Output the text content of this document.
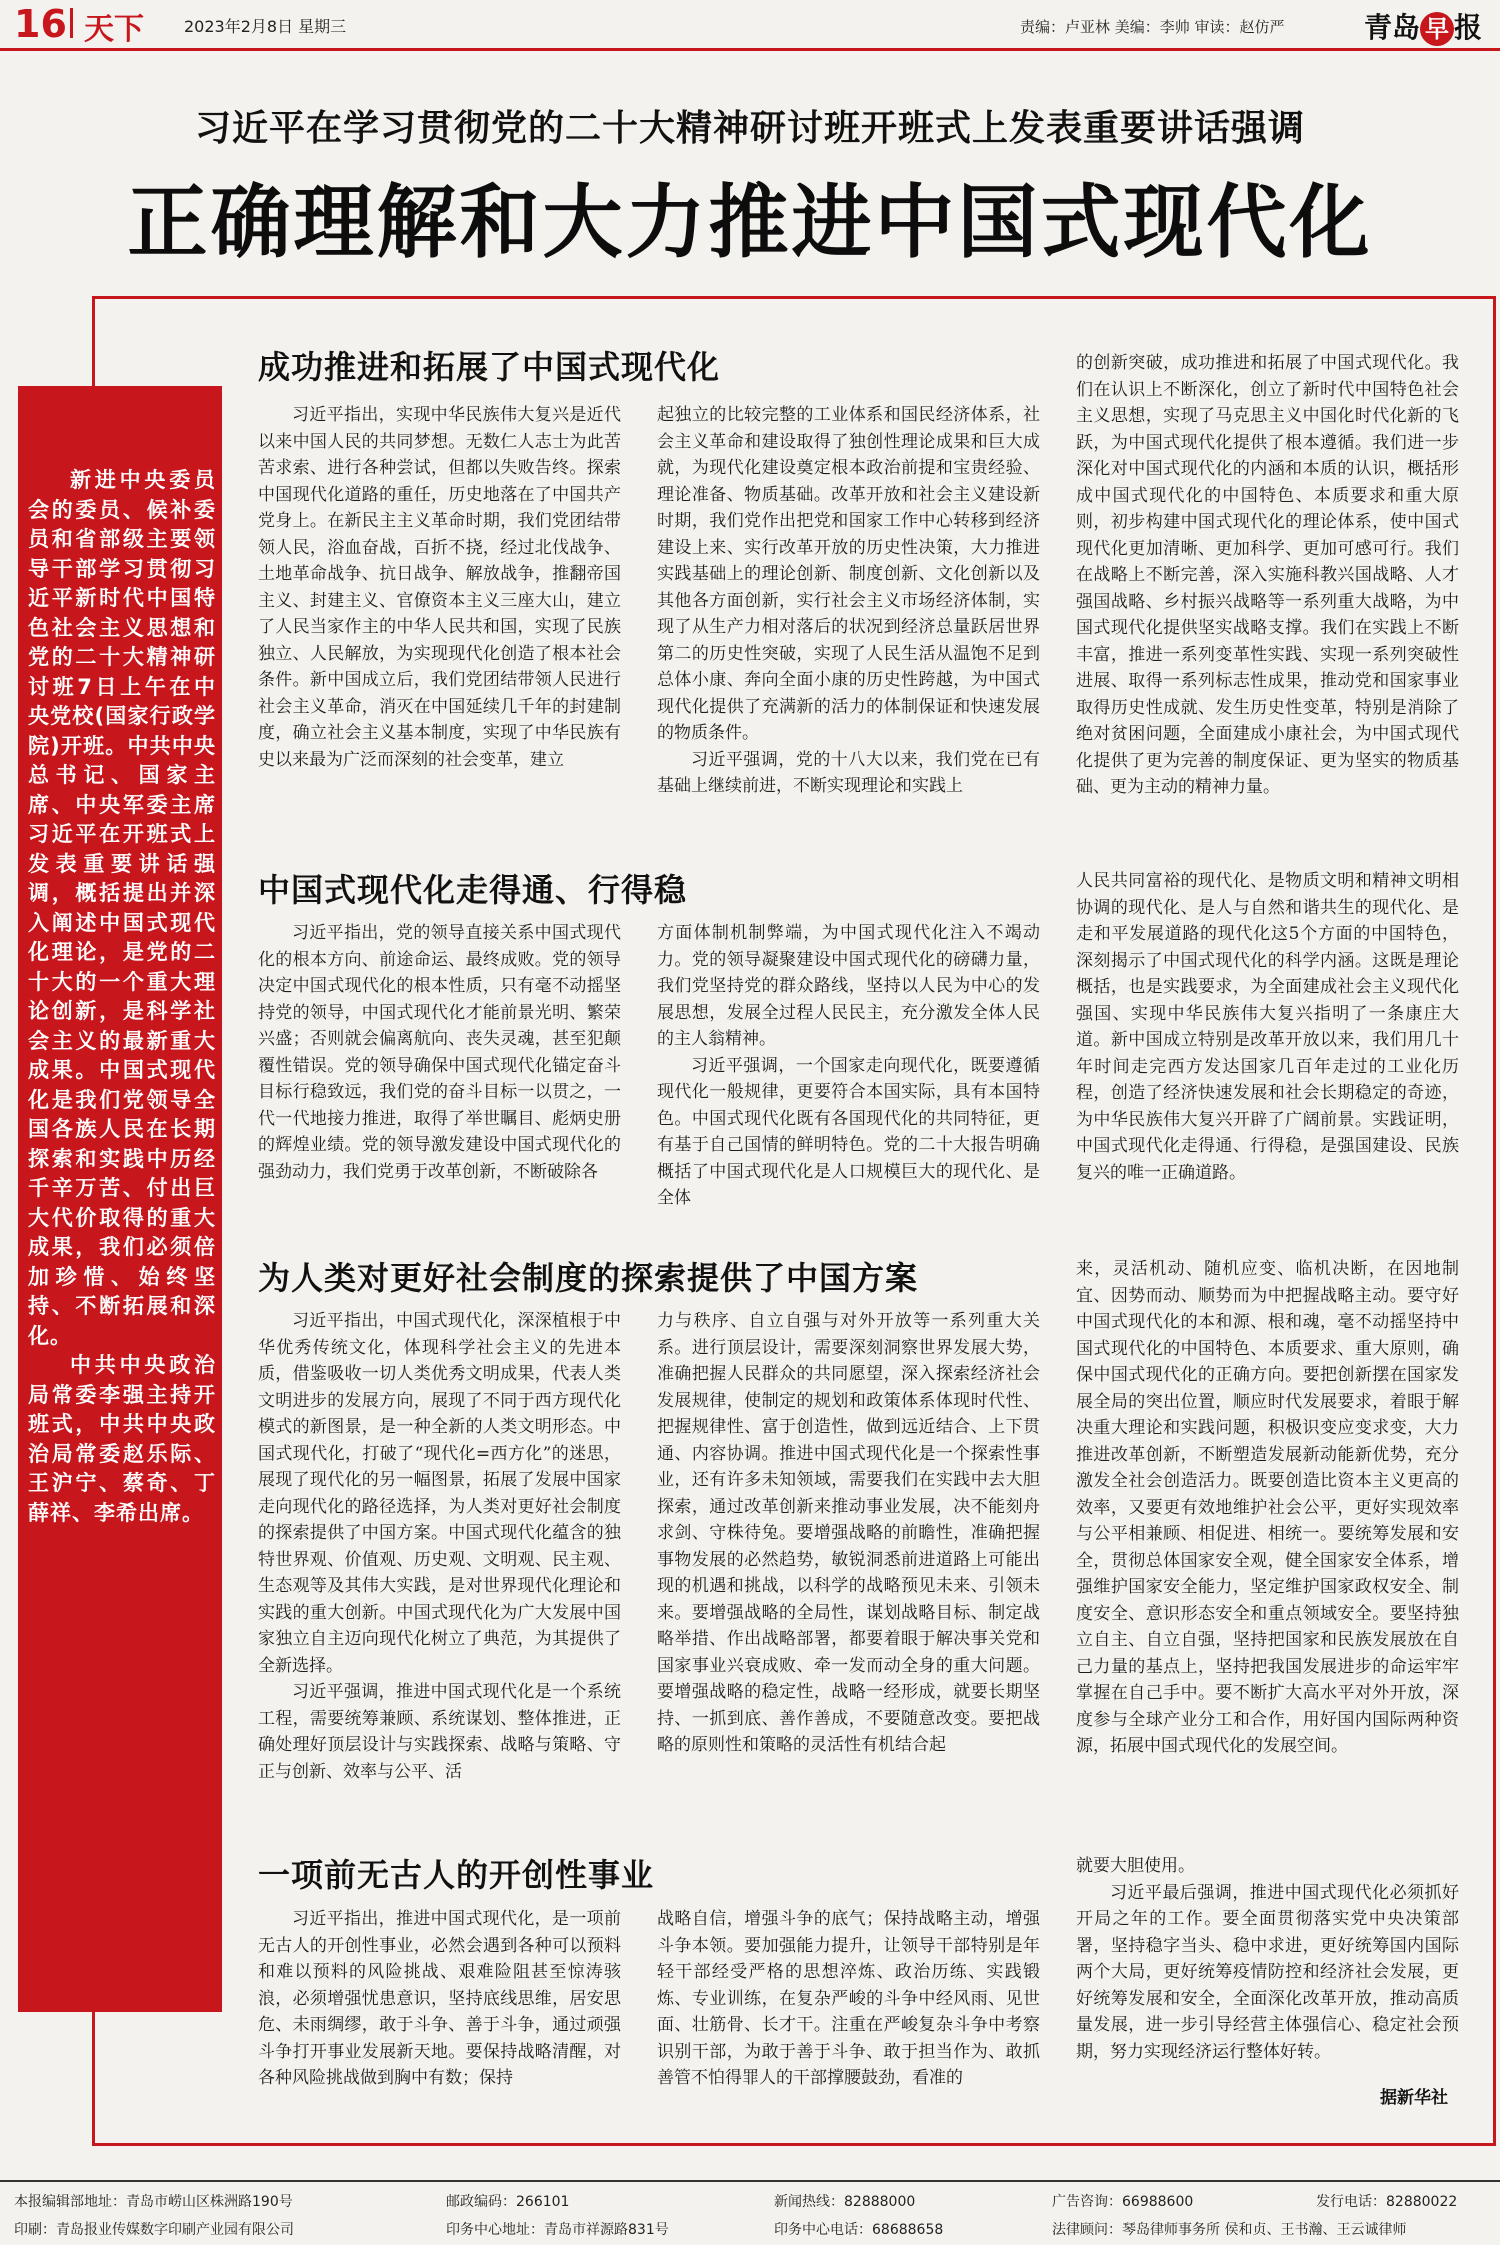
16 天下	2023年2月8日 星期三	责编：卢亚林 美编：李帅 审读：赵仿严	青岛 早 报
习近平在学习贯彻党的二十大精神研讨班开班式上发表重要讲话强调
正确理解和大力推进中国式现代化

新进中央委员会的委员、候补委员和省部级主要领导干部学习贯彻习近平新时代中国特色社会主义思想和党的二十大精神研讨班7日上午在中央党校(国家行政学院)开班。中共中央总书记、国家主席、中央军委主席习近平在开班式上发表重要讲话强调，概括提出并深入阐述中国式现代化理论，是党的二十大的一个重大理论创新，是科学社会主义的最新重大成果。中国式现代化是我们党领导全国各族人民在长期探索和实践中历经千辛万苦、付出巨大代价取得的重大成果，我们必须倍加珍惜、始终坚持、不断拓展和深化。

中共中央政治局常委李强主持开班式，中共中央政治局常委赵乐际、王沪宁、蔡奇、丁薛祥、李希出席。

成功推进和拓展了中国式现代化

习近平指出，实现中华民族伟大复兴是近代以来中国人民的共同梦想。无数仁人志士为此苦苦求索、进行各种尝试，但都以失败告终。探索中国现代化道路的重任，历史地落在了中国共产党身上。在新民主主义革命时期，我们党团结带领人民，浴血奋战，百折不挠，经过北伐战争、土地革命战争、抗日战争、解放战争，推翻帝国主义、封建主义、官僚资本主义三座大山，建立了人民当家作主的中华人民共和国，实现了民族独立、人民解放，为实现现代化创造了根本社会条件。新中国成立后，我们党团结带领人民进行社会主义革命，消灭在中国延续几千年的封建制度，确立社会主义基本制度，实现了中华民族有史以来最为广泛而深刻的社会变革，建立

起独立的比较完整的工业体系和国民经济体系，社会主义革命和建设取得了独创性理论成果和巨大成就，为现代化建设奠定根本政治前提和宝贵经验、理论准备、物质基础。改革开放和社会主义建设新时期，我们党作出把党和国家工作中心转移到经济建设上来、实行改革开放的历史性决策，大力推进实践基础上的理论创新、制度创新、文化创新以及其他各方面创新，实行社会主义市场经济体制，实现了从生产力相对落后的状况到经济总量跃居世界第二的历史性突破，实现了人民生活从温饱不足到总体小康、奔向全面小康的历史性跨越，为中国式现代化提供了充满新的活力的体制保证和快速发展的物质条件。

习近平强调，党的十八大以来，我们党在已有基础上继续前进，不断实现理论和实践上

的创新突破，成功推进和拓展了中国式现代化。我们在认识上不断深化，创立了新时代中国特色社会主义思想，实现了马克思主义中国化时代化新的飞跃，为中国式现代化提供了根本遵循。我们进一步深化对中国式现代化的内涵和本质的认识，概括形成中国式现代化的中国特色、本质要求和重大原则，初步构建中国式现代化的理论体系，使中国式现代化更加清晰、更加科学、更加可感可行。我们在战略上不断完善，深入实施科教兴国战略、人才强国战略、乡村振兴战略等一系列重大战略，为中国式现代化提供坚实战略支撑。我们在实践上不断丰富，推进一系列变革性实践、实现一系列突破性进展、取得一系列标志性成果，推动党和国家事业取得历史性成就、发生历史性变革，特别是消除了绝对贫困问题，全面建成小康社会，为中国式现代化提供了更为完善的制度保证、更为坚实的物质基础、更为主动的精神力量。

中国式现代化走得通、行得稳

习近平指出，党的领导直接关系中国式现代化的根本方向、前途命运、最终成败。党的领导决定中国式现代化的根本性质，只有毫不动摇坚持党的领导，中国式现代化才能前景光明、繁荣兴盛；否则就会偏离航向、丧失灵魂，甚至犯颠覆性错误。党的领导确保中国式现代化锚定奋斗目标行稳致远，我们党的奋斗目标一以贯之，一代一代地接力推进，取得了举世瞩目、彪炳史册的辉煌业绩。党的领导激发建设中国式现代化的强劲动力，我们党勇于改革创新，不断破除各

方面体制机制弊端，为中国式现代化注入不竭动力。党的领导凝聚建设中国式现代化的磅礴力量，我们党坚持党的群众路线，坚持以人民为中心的发展思想，发展全过程人民民主，充分激发全体人民的主人翁精神。

习近平强调，一个国家走向现代化，既要遵循现代化一般规律，更要符合本国实际，具有本国特色。中国式现代化既有各国现代化的共同特征，更有基于自己国情的鲜明特色。党的二十大报告明确概括了中国式现代化是人口规模巨大的现代化、是全体

人民共同富裕的现代化、是物质文明和精神文明相协调的现代化、是人与自然和谐共生的现代化、是走和平发展道路的现代化这5个方面的中国特色，深刻揭示了中国式现代化的科学内涵。这既是理论概括，也是实践要求，为全面建成社会主义现代化强国、实现中华民族伟大复兴指明了一条康庄大道。新中国成立特别是改革开放以来，我们用几十年时间走完西方发达国家几百年走过的工业化历程，创造了经济快速发展和社会长期稳定的奇迹，为中华民族伟大复兴开辟了广阔前景。实践证明，中国式现代化走得通、行得稳，是强国建设、民族复兴的唯一正确道路。

为人类对更好社会制度的探索提供了中国方案

习近平指出，中国式现代化，深深植根于中华优秀传统文化，体现科学社会主义的先进本质，借鉴吸收一切人类优秀文明成果，代表人类文明进步的发展方向，展现了不同于西方现代化模式的新图景，是一种全新的人类文明形态。中国式现代化，打破了“现代化=西方化”的迷思，展现了现代化的另一幅图景，拓展了发展中国家走向现代化的路径选择，为人类对更好社会制度的探索提供了中国方案。中国式现代化蕴含的独特世界观、价值观、历史观、文明观、民主观、生态观等及其伟大实践，是对世界现代化理论和实践的重大创新。中国式现代化为广大发展中国家独立自主迈向现代化树立了典范，为其提供了全新选择。

习近平强调，推进中国式现代化是一个系统工程，需要统筹兼顾、系统谋划、整体推进，正确处理好顶层设计与实践探索、战略与策略、守正与创新、效率与公平、活

力与秩序、自立自强与对外开放等一系列重大关系。进行顶层设计，需要深刻洞察世界发展大势，准确把握人民群众的共同愿望，深入探索经济社会发展规律，使制定的规划和政策体系体现时代性、把握规律性、富于创造性，做到远近结合、上下贯通、内容协调。推进中国式现代化是一个探索性事业，还有许多未知领域，需要我们在实践中去大胆探索，通过改革创新来推动事业发展，决不能刻舟求剑、守株待兔。要增强战略的前瞻性，准确把握事物发展的必然趋势，敏锐洞悉前进道路上可能出现的机遇和挑战，以科学的战略预见未来、引领未来。要增强战略的全局性，谋划战略目标、制定战略举措、作出战略部署，都要着眼于解决事关党和国家事业兴衰成败、牵一发而动全身的重大问题。要增强战略的稳定性，战略一经形成，就要长期坚持、一抓到底、善作善成，不要随意改变。要把战略的原则性和策略的灵活性有机结合起

来，灵活机动、随机应变、临机决断，在因地制宜、因势而动、顺势而为中把握战略主动。要守好中国式现代化的本和源、根和魂，毫不动摇坚持中国式现代化的中国特色、本质要求、重大原则，确保中国式现代化的正确方向。要把创新摆在国家发展全局的突出位置，顺应时代发展要求，着眼于解决重大理论和实践问题，积极识变应变求变，大力推进改革创新，不断塑造发展新动能新优势，充分激发全社会创造活力。既要创造比资本主义更高的效率，又要更有效地维护社会公平，更好实现效率与公平相兼顾、相促进、相统一。要统筹发展和安全，贯彻总体国家安全观，健全国家安全体系，增强维护国家安全能力，坚定维护国家政权安全、制度安全、意识形态安全和重点领域安全。要坚持独立自主、自立自强，坚持把国家和民族发展放在自己力量的基点上，坚持把我国发展进步的命运牢牢掌握在自己手中。要不断扩大高水平对外开放，深度参与全球产业分工和合作，用好国内国际两种资源，拓展中国式现代化的发展空间。

一项前无古人的开创性事业

习近平指出，推进中国式现代化，是一项前无古人的开创性事业，必然会遇到各种可以预料和难以预料的风险挑战、艰难险阻甚至惊涛骇浪，必须增强忧患意识，坚持底线思维，居安思危、未雨绸缪，敢于斗争、善于斗争，通过顽强斗争打开事业发展新天地。要保持战略清醒，对各种风险挑战做到胸中有数；保持

战略自信，增强斗争的底气；保持战略主动，增强斗争本领。要加强能力提升，让领导干部特别是年轻干部经受严格的思想淬炼、政治历练、实践锻炼、专业训练，在复杂严峻的斗争中经风雨、见世面、壮筋骨、长才干。注重在严峻复杂斗争中考察识别干部，为敢于善于斗争、敢于担当作为、敢抓善管不怕得罪人的干部撑腰鼓劲，看准的

就要大胆使用。

习近平最后强调，推进中国式现代化必须抓好开局之年的工作。要全面贯彻落实党中央决策部署，坚持稳字当头、稳中求进，更好统筹国内国际两个大局，更好统筹疫情防控和经济社会发展，更好统筹发展和安全，全面深化改革开放，推动高质量发展，进一步引导经营主体强信心、稳定社会预期，努力实现经济运行整体好转。

据新华社
本报编辑部地址：青岛市崂山区株洲路190号	邮政编码：266101	新闻热线：82888000	广告咨询：66988600	发行电话：82880022
印刷：青岛报业传媒数字印刷产业园有限公司	印务中心地址：青岛市祥源路831号	印务中心电话：68688658	法律顾问：琴岛律师事务所 侯和贞、王书瀚、王云诚律师
